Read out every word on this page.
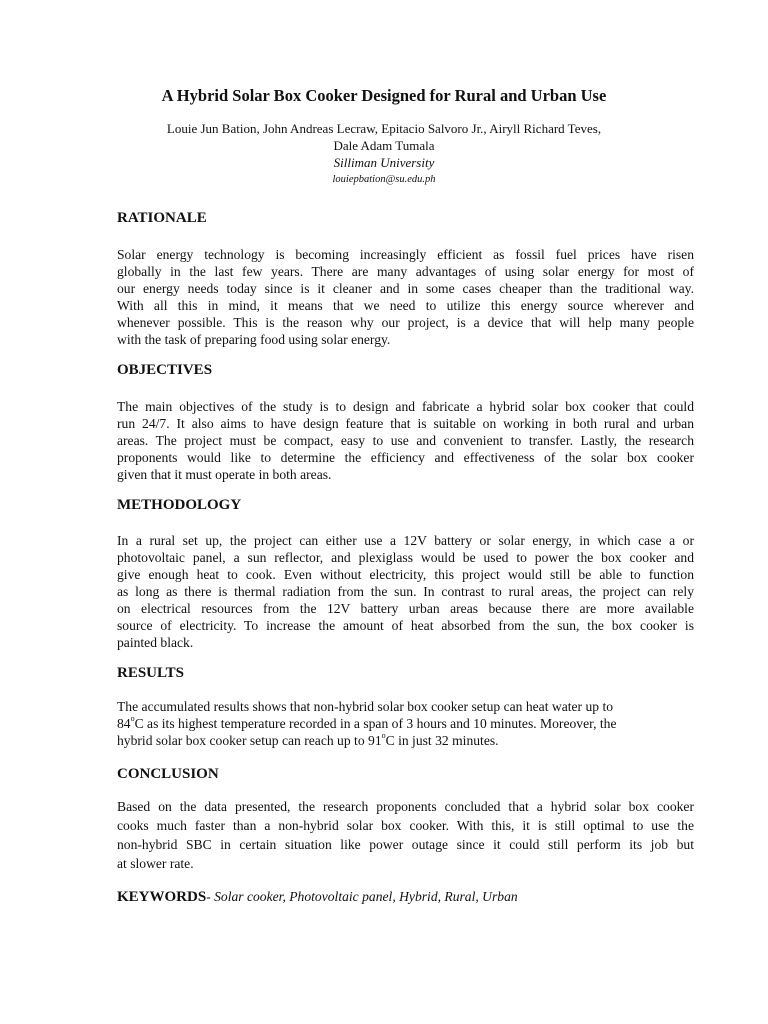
A Hybrid Solar Box Cooker Designed for Rural and Urban Use
Louie Jun Bation, John Andreas Lecraw, Epitacio Salvoro Jr., Airyll Richard Teves,
Dale Adam Tumala
Silliman University
louiepbation@su.edu.ph
RATIONALE
Solar energy technology is becoming increasingly efficient as fossil fuel prices have risen
globally in the last few years. There are many advantages of using solar energy for most of
our energy needs today since is it cleaner and in some cases cheaper than the traditional way.
With all this in mind, it means that we need to utilize this energy source wherever and
whenever possible. This is the reason why our project, is a device that will help many people
with the task of preparing food using solar energy.
OBJECTIVES
The main objectives of the study is to design and fabricate a hybrid solar box cooker that could
run 24/7. It also aims to have design feature that is suitable on working in both rural and urban
areas. The project must be compact, easy to use and convenient to transfer. Lastly, the research
proponents would like to determine the efficiency and effectiveness of the solar box cooker
given that it must operate in both areas.
METHODOLOGY
In a rural set up, the project can either use a 12V battery or solar energy, in which case a or
photovoltaic panel, a sun reflector, and plexiglass would be used to power the box cooker and
give enough heat to cook. Even without electricity, this project would still be able to function
as long as there is thermal radiation from the sun. In contrast to rural areas, the project can rely
on electrical resources from the 12V battery urban areas because there are more available
source of electricity. To increase the amount of heat absorbed from the sun, the box cooker is
painted black.
RESULTS
The accumulated results shows that non-hybrid solar box cooker setup can heat water up to
84$^o$C as its highest temperature recorded in a span of 3 hours and 10 minutes. Moreover, the
hybrid solar box cooker setup can reach up to 91$^o$C in just 32 minutes.
CONCLUSION
Based on the data presented, the research proponents concluded that a hybrid solar box cooker
cooks much faster than a non-hybrid solar box cooker. With this, it is still optimal to use the
non-hybrid SBC in certain situation like power outage since it could still perform its job but
at slower rate.
KEYWORDS- Solar cooker, Photovoltaic panel, Hybrid, Rural, Urban
